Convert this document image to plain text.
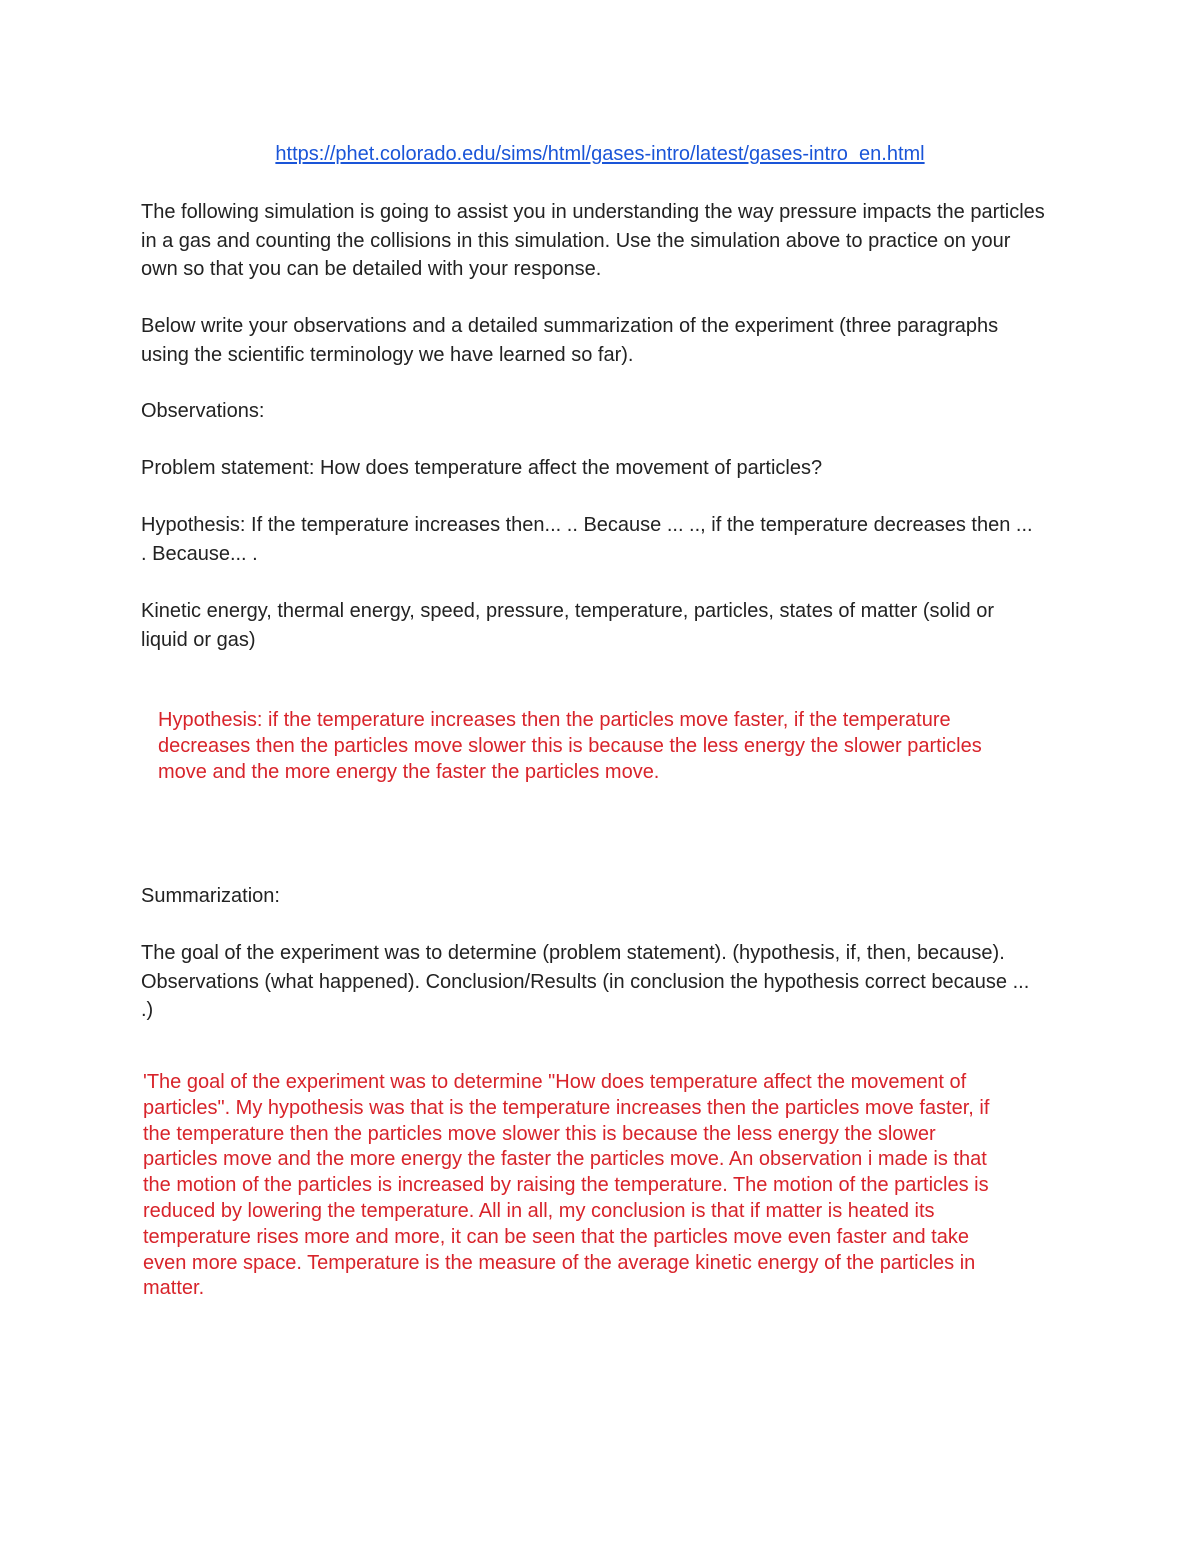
https://phet.colorado.edu/sims/html/gases-intro/latest/gases-intro_en.html

The following simulation is going to assist you in understanding the way pressure impacts the particles in a gas and counting the collisions in this simulation. Use the simulation above to practice on your own so that you can be detailed with your response.

Below write your observations and a detailed summarization of the experiment (three paragraphs using the scientific terminology we have learned so far).

Observations:

Problem statement: How does temperature affect the movement of particles?

Hypothesis: If the temperature increases then... .. Because ... .., if the temperature decreases then ... . Because... .

Kinetic energy, thermal energy, speed, pressure, temperature, particles, states of matter (solid or liquid or gas)

Hypothesis: if the temperature increases then the particles move faster, if the temperature decreases then the particles move slower this is because the less energy the slower particles move and the more energy the faster the particles move.

Summarization:

The goal of the experiment was to determine (problem statement). (hypothesis, if, then, because). Observations (what happened). Conclusion/Results (in conclusion the hypothesis correct because ... .)

'The goal of the experiment was to determine "How does temperature affect the movement of particles". My hypothesis was that is the temperature increases then the particles move faster, if the temperature then the particles move slower this is because the less energy the slower particles move and the more energy the faster the particles move. An observation i made is that the motion of the particles is increased by raising the temperature. The motion of the particles is reduced by lowering the temperature. All in all, my conclusion is that if matter is heated its temperature rises more and more, it can be seen that the particles move even faster and take even more space. Temperature is the measure of the average kinetic energy of the particles in matter.
